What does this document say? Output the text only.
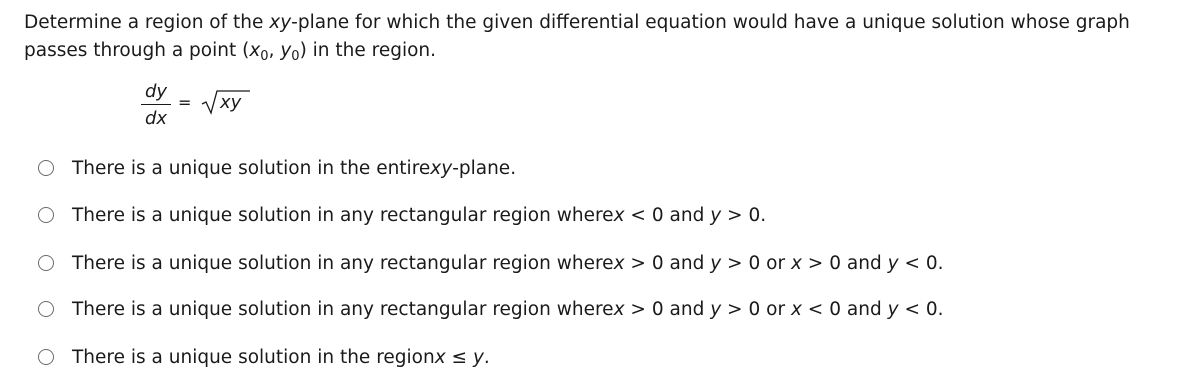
Determine a region of the xy-plane for which the given differential equation would have a unique solution whose graph passes through a point ($x_0$, $y_0$) in the region.
dy
dx
= xy
There is a unique solution in the entire xy -plane.
There is a unique solution in any rectangular region where x < 0 and y > 0.
There is a unique solution in any rectangular region where x > 0 and y > 0 or x > 0 and y < 0.
There is a unique solution in any rectangular region where x > 0 and y > 0 or x < 0 and y < 0.
There is a unique solution in the region x ≤ y.
